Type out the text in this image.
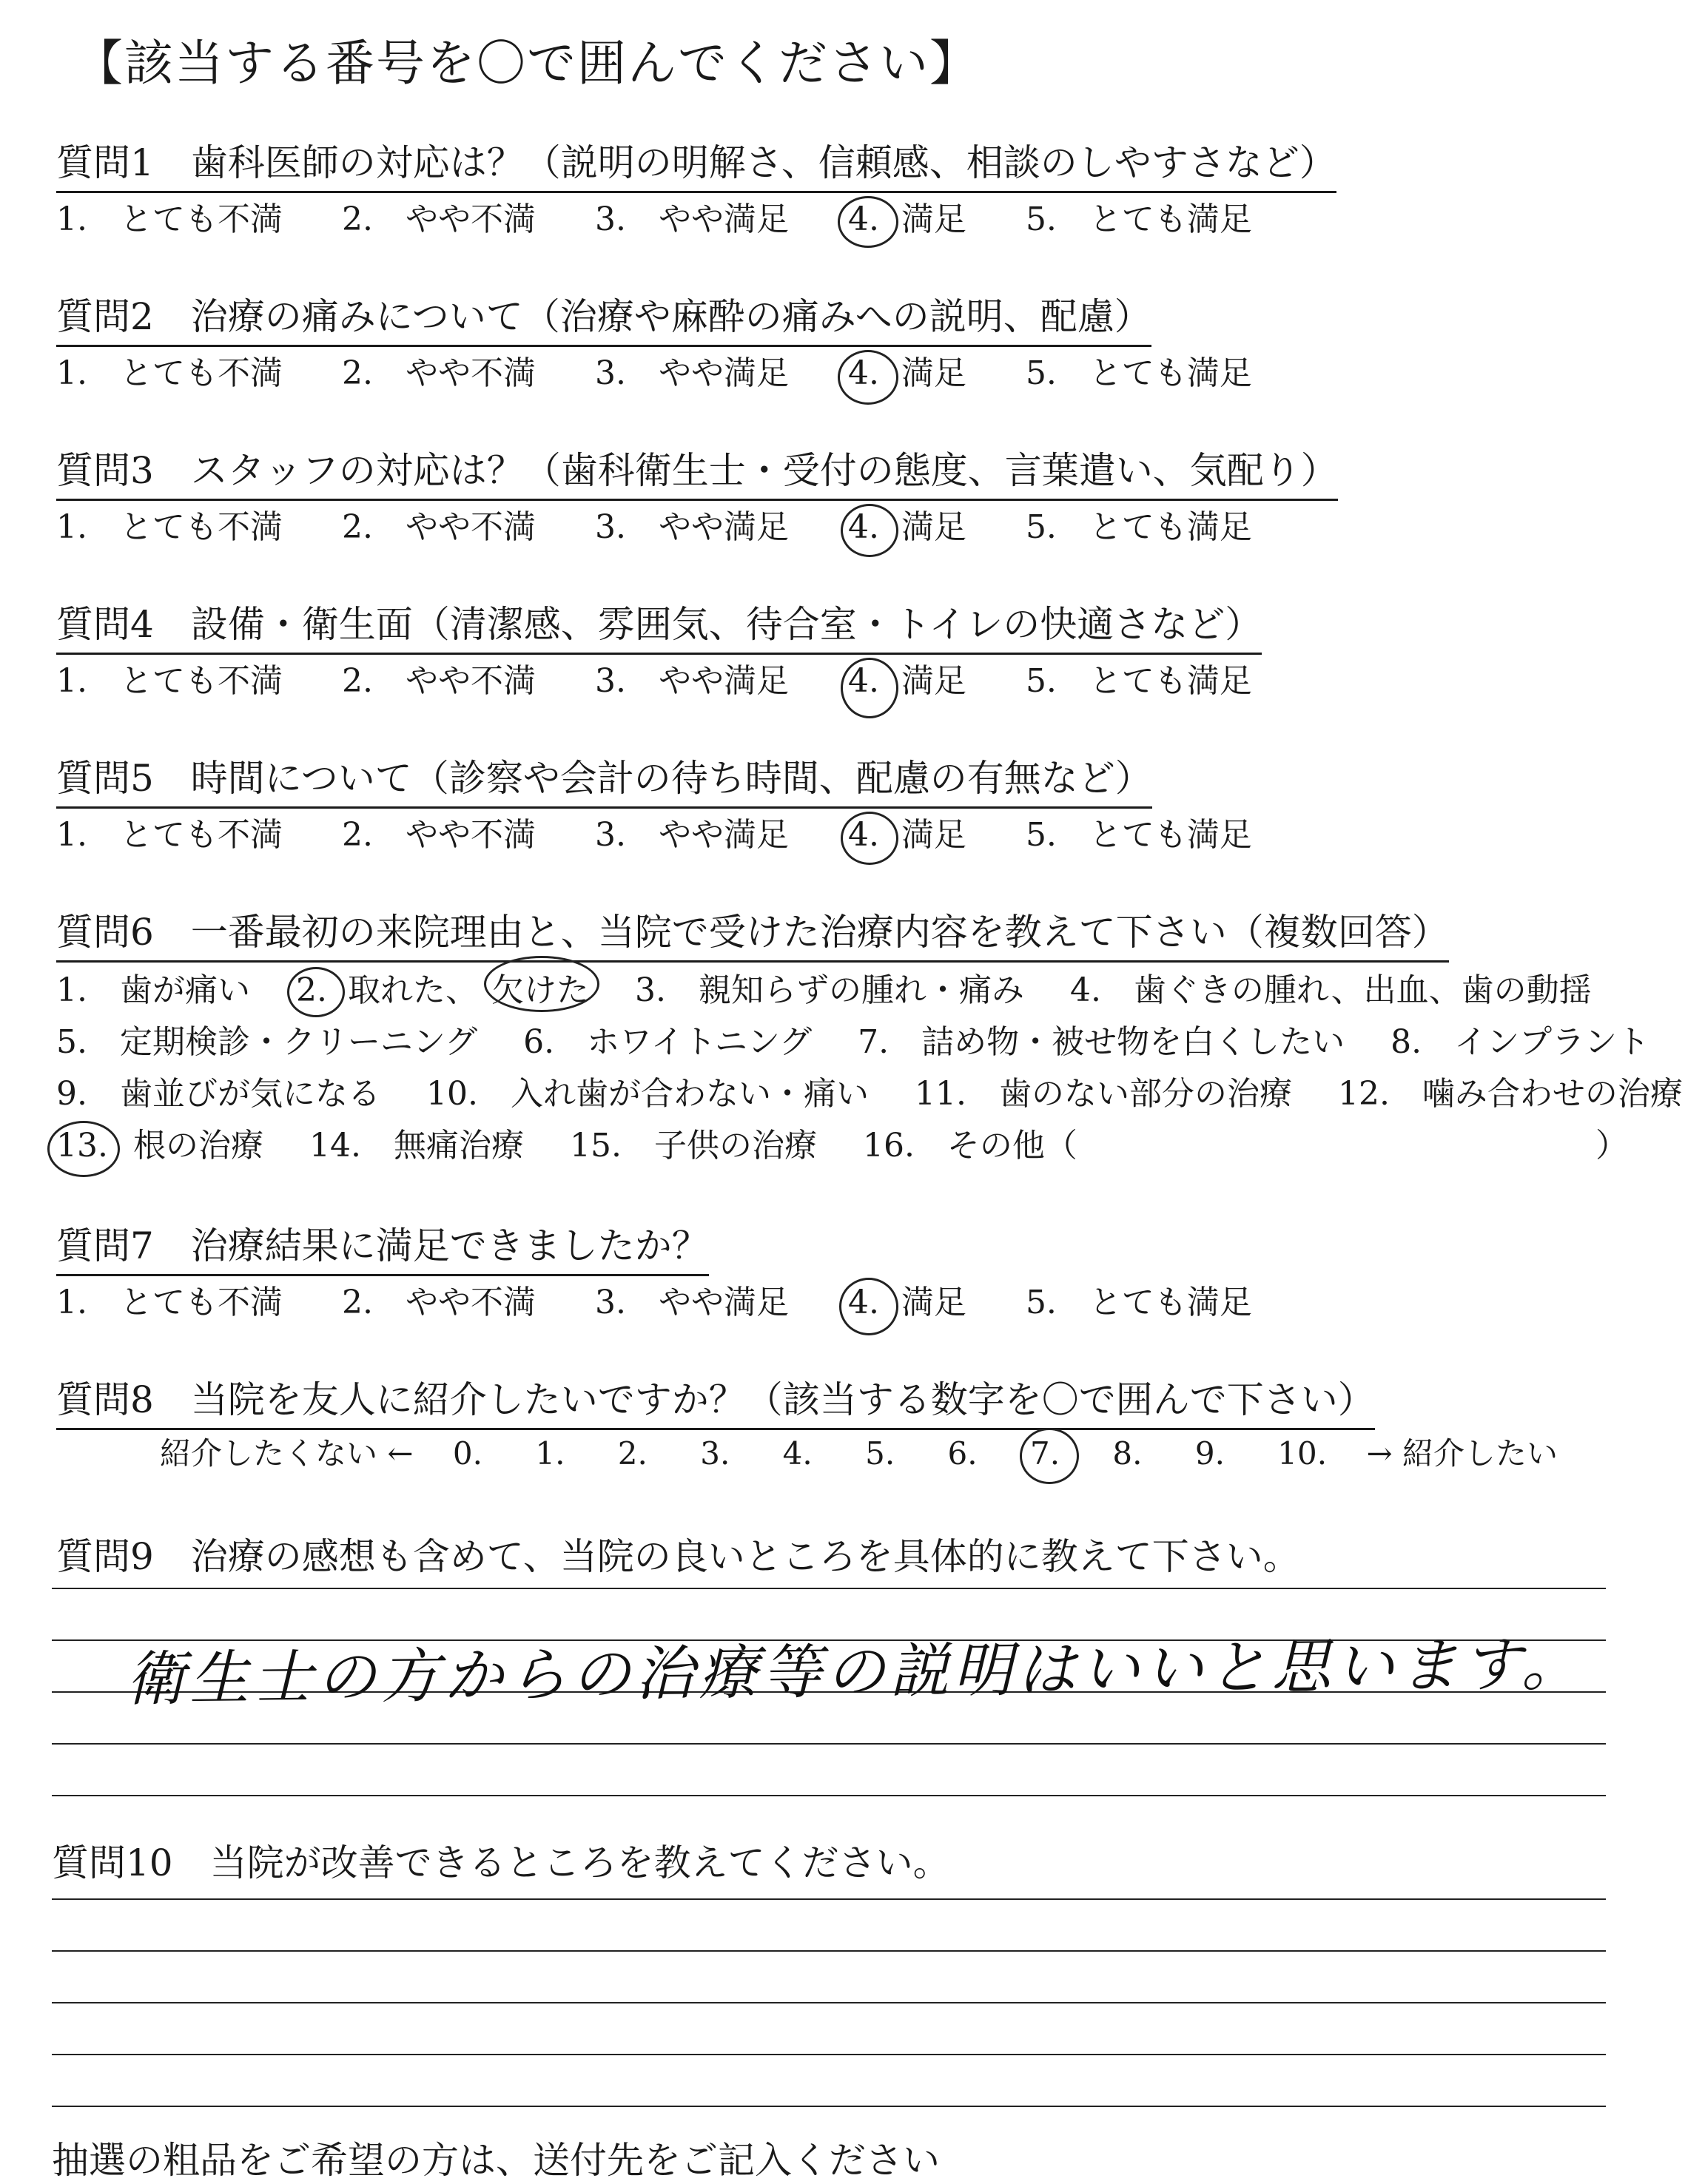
【該当する番号を〇で囲んでください】
質問1　歯科医師の対応は？（説明の明解さ、信頼感、相談のしやすさなど）
1.　とても不満 2.　やや不満 3.　やや満足 4. 満足 5.　とても満足
質問2　治療の痛みについて（治療や麻酔の痛みへの説明、配慮）
1.　とても不満 2.　やや不満 3.　やや満足 4. 満足 5.　とても満足
質問3　スタッフの対応は？（歯科衛生士・受付の態度、言葉遣い、気配り）
1.　とても不満 2.　やや不満 3.　やや満足 4. 満足 5.　とても満足
質問4　設備・衛生面（清潔感、雰囲気、待合室・トイレの快適さなど）
1.　とても不満 2.　やや不満 3.　やや満足 4. 満足 5.　とても満足
質問5　時間について（診察や会計の待ち時間、配慮の有無など）
1.　とても不満 2.　やや不満 3.　やや満足 4. 満足 5.　とても満足
質問6　一番最初の来院理由と、当院で受けた治療内容を教えて下さい（複数回答）
1.　歯が痛い 2. 取れた、 欠けた 3.　親知らずの腫れ・痛み 4.　歯ぐきの腫れ、出血、歯の動揺
5.　定期検診・クリーニング 6.　ホワイトニング 7.　詰め物・被せ物を白くしたい 8.　インプラント
9.　歯並びが気になる 10.　入れ歯が合わない・痛い 11.　歯のない部分の治療 12.　噛み合わせの治療
13. 根の治療 14.　無痛治療 15.　子供の治療 16.　その他（	）
質問7　治療結果に満足できましたか？
1.　とても不満 2.　やや不満 3.　やや満足 4. 満足 5.　とても満足
質問8　当院を友人に紹介したいですか？（該当する数字を〇で囲んで下さい）
紹介したくない ← 0. 1. 2. 3. 4. 5. 6. 7. 8. 9. 10. → 紹介したい
質問9　治療の感想も含めて、当院の良いところを具体的に教えて下さい。
衛生士の方からの治療等の説明はいいと思います。
質問10　当院が改善できるところを教えてください。
抽選の粗品をご希望の方は、送付先をご記入ください
